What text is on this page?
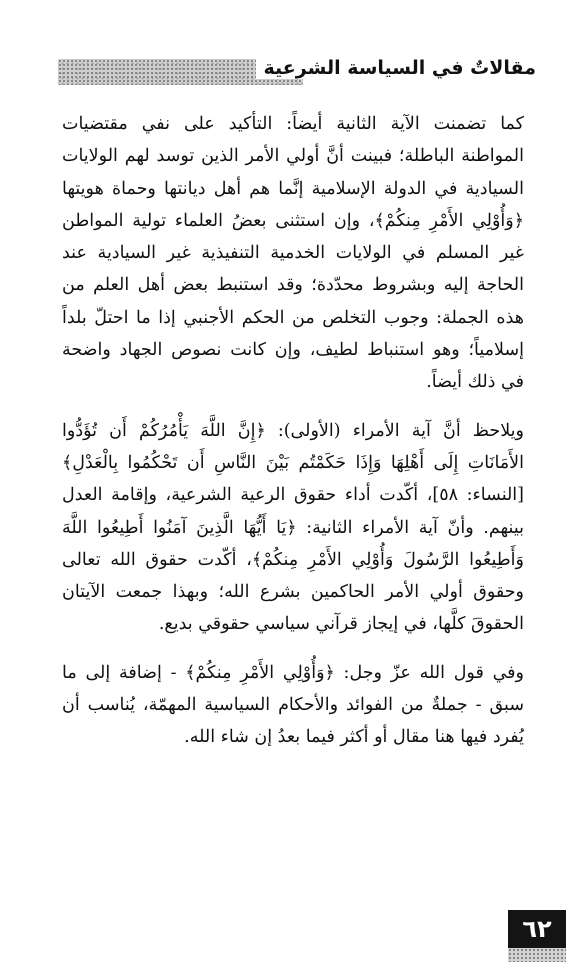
مقالاتٌ في السياسة الشرعية

كما تضمنت الآية الثانية أيضاً: التأكيد على نفي مقتضيات المواطنة الباطلة؛ فبينت أنَّ أولي الأمر الذين توسد لهم الولايات السيادية في الدولة الإسلامية إنَّما هم أهل ديانتها وحماة هويتها ﴿وَأُوْلِي الأَمْرِ مِنكُمْ﴾، وإن استثنى بعضُ العلماء تولية المواطن غير المسلم في الولايات الخدمية التنفيذية غير السيادية عند الحاجة إليه وبشروط محدّدة؛ وقد استنبط بعض أهل العلم من هذه الجملة: وجوب التخلص من الحكم الأجنبي إذا ما احتلّ بلداً إسلامياً؛ وهو استنباط لطيف، وإن كانت نصوص الجهاد واضحة في ذلك أيضاً.

ويلاحظ أنَّ آية الأمراء (الأولى): ﴿إِنَّ اللَّهَ يَأْمُرُكُمْ أَن تُؤَدُّوا الأَمَانَاتِ إِلَى أَهْلِهَا وَإِذَا حَكَمْتُم بَيْنَ النَّاسِ أَن تَحْكُمُوا بِالْعَدْلِ﴾ [النساء: ٥٨]، أكّدت أداء حقوق الرعية الشرعية، وإقامة العدل بينهم. وأنّ آية الأمراء الثانية: ﴿يَا أَيُّهَا الَّذِينَ آمَنُوا أَطِيعُوا اللَّهَ وَأَطِيعُوا الرَّسُولَ وَأُوْلِي الأَمْرِ مِنكُمْ﴾، أكّدت حقوق الله تعالى وحقوق أولي الأمر الحاكمين بشرع الله؛ وبهذا جمعت الآيتان الحقوقَ كلَّها، في إيجاز قرآني سياسي حقوقي بديع.

وفي قول الله عزّ وجل: ﴿وَأُوْلِي الأَمْرِ مِنكُمْ﴾ - إضافة إلى ما سبق - جملةٌ من الفوائد والأحكام السياسية المهمّة، يُناسب أن يُفرد فيها هنا مقال أو أكثر فيما بعدُ إن شاء الله.

٦٢
